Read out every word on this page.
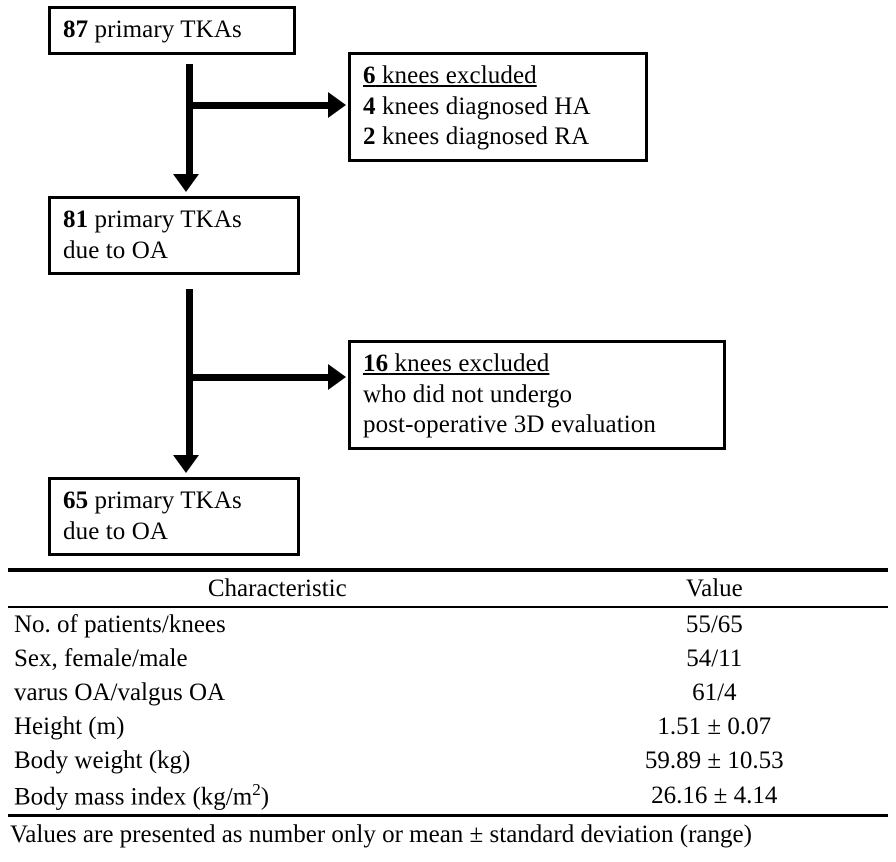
87 primary TKAs
6 knees excluded
4 knees diagnosed HA
2 knees diagnosed RA
81 primary TKAs
due to OA
16 knees excluded
who did not undergo
post-operative 3D evaluation
65 primary TKAs
due to OA
Characteristic	Value
No. of patients/knees	55/65
Sex, female/male	54/11
varus OA/valgus OA	61/4
Height (m)	1.51 ± 0.07
Body weight (kg)	59.89 ± 10.53
Body mass index $(kg/m^2)$	26.16 ± 4.14
Values are presented as number only or mean ± standard deviation (range)
